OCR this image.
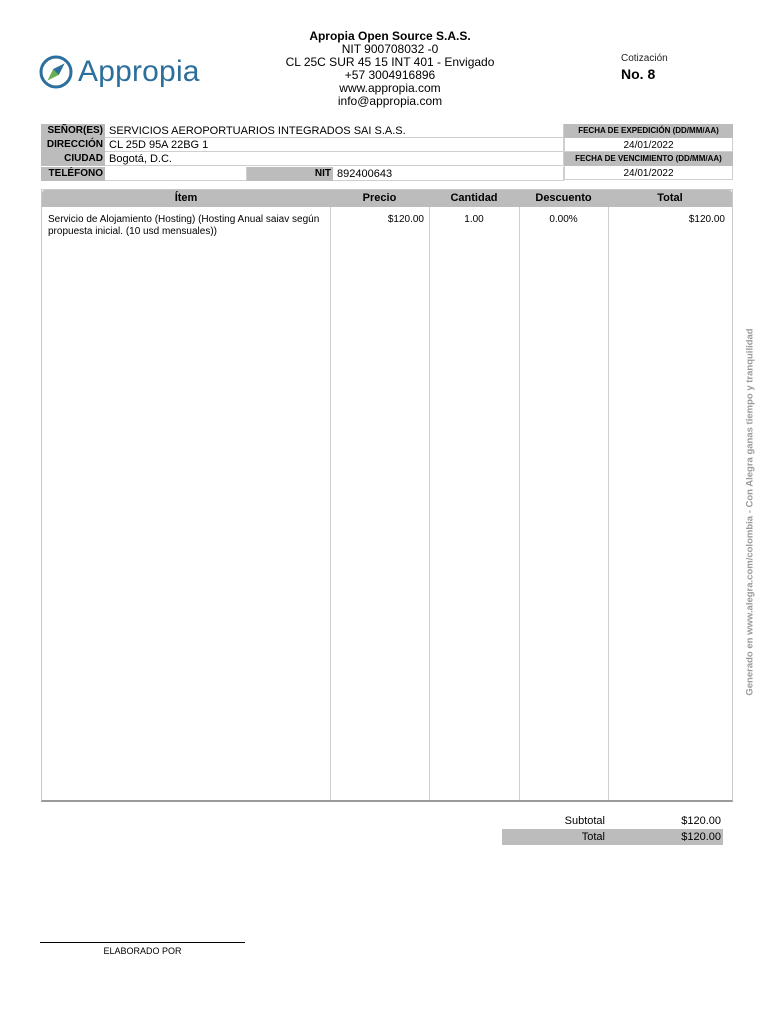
Appropia
Apropia Open Source S.A.S.
NIT 900708032 -0
CL 25C SUR 45 15 INT 401 - Envigado
+57 3004916896
www.appropia.com
info@appropia.com
Cotización
No. 8
SEÑOR(ES) SERVICIOS AEROPORTUARIOS INTEGRADOS SAI S.A.S.
DIRECCIÓN CL 25D 95A 22BG 1
CIUDAD Bogotá, D.C.
TELÉFONO	NIT 892400643
FECHA DE EXPEDICIÓN (DD/MM/AA)
24/01/2022
FECHA DE VENCIMIENTO (DD/MM/AA)
24/01/2022
Ítem	Precio	Cantidad	Descuento	Total
Servicio de Alojamiento (Hosting) (Hosting Anual saiav según propuesta inicial. (10 usd mensuales))
$120.00	1.00	0.00%	$120.00
Subtotal	$120.00
Total	$120.00
ELABORADO POR
Generado en www.alegra.com/colombia - Con Alegra ganas tiempo y tranquilidad
